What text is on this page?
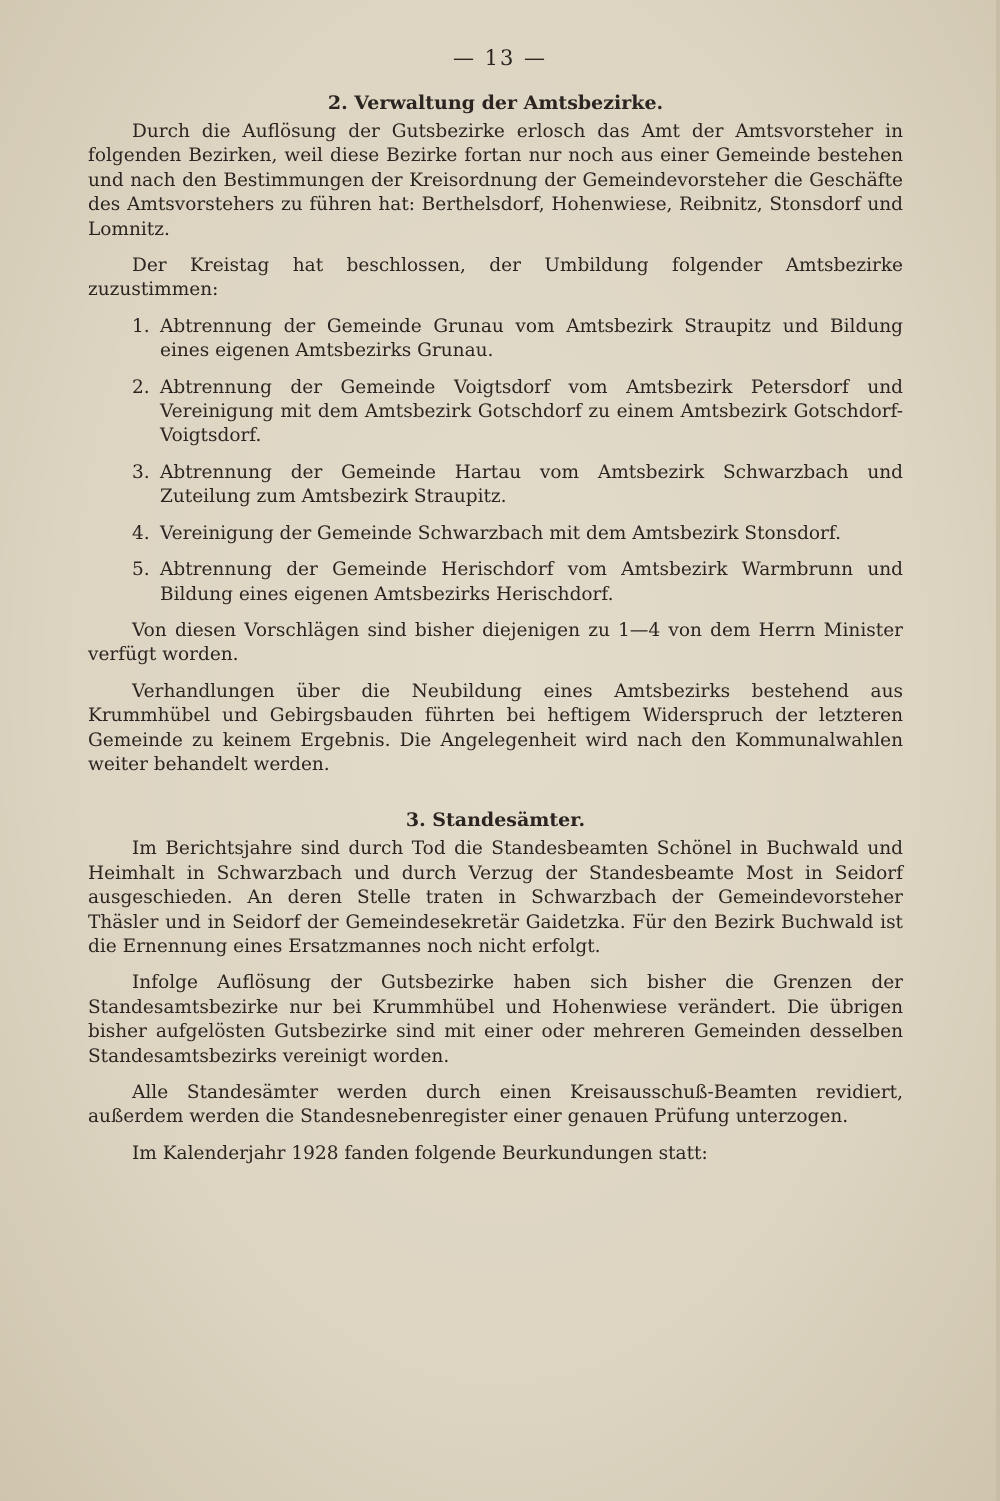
— 13 —
2. Verwaltung der Amtsbezirke.

Durch die Auflösung der Gutsbezirke erlosch das Amt der Amtsvorsteher in folgenden Bezirken, weil diese Bezirke fortan nur noch aus einer Gemeinde bestehen und nach den Bestimmungen der Kreisordnung der Gemeindevorsteher die Geschäfte des Amtsvorstehers zu führen hat: Berthelsdorf, Hohenwiese, Reibnitz, Stonsdorf und Lomnitz.

Der Kreistag hat beschlossen, der Umbildung folgender Amtsbezirke zuzustimmen:

1. Abtrennung der Gemeinde Grunau vom Amtsbezirk Straupitz und Bildung eines eigenen Amtsbezirks Grunau.
2. Abtrennung der Gemeinde Voigtsdorf vom Amtsbezirk Petersdorf und Vereinigung mit dem Amtsbezirk Gotschdorf zu einem Amtsbezirk Gotschdorf-Voigtsdorf.
3. Abtrennung der Gemeinde Hartau vom Amtsbezirk Schwarzbach und Zuteilung zum Amtsbezirk Straupitz.
4. Vereinigung der Gemeinde Schwarzbach mit dem Amtsbezirk Stonsdorf.
5. Abtrennung der Gemeinde Herischdorf vom Amtsbezirk Warmbrunn und Bildung eines eigenen Amtsbezirks Herischdorf.

Von diesen Vorschlägen sind bisher diejenigen zu 1—4 von dem Herrn Minister verfügt worden.

Verhandlungen über die Neubildung eines Amtsbezirks bestehend aus Krummhübel und Gebirgsbauden führten bei heftigem Widerspruch der letzteren Gemeinde zu keinem Ergebnis. Die Angelegenheit wird nach den Kommunalwahlen weiter behandelt werden.

3. Standesämter.

Im Berichtsjahre sind durch Tod die Standesbeamten Schönel in Buchwald und Heimhalt in Schwarzbach und durch Verzug der Standesbeamte Most in Seidorf ausgeschieden. An deren Stelle traten in Schwarzbach der Gemeindevorsteher Thäsler und in Seidorf der Gemeindesekretär Gaidetzka. Für den Bezirk Buchwald ist die Ernennung eines Ersatzmannes noch nicht erfolgt.

Infolge Auflösung der Gutsbezirke haben sich bisher die Grenzen der Standesamtsbezirke nur bei Krummhübel und Hohenwiese verändert. Die übrigen bisher aufgelösten Gutsbezirke sind mit einer oder mehreren Gemeinden desselben Standesamtsbezirks vereinigt worden.

Alle Standesämter werden durch einen Kreisausschuß-Beamten revidiert, außerdem werden die Standesnebenregister einer genauen Prüfung unterzogen.

Im Kalenderjahr 1928 fanden folgende Beurkundungen statt:
